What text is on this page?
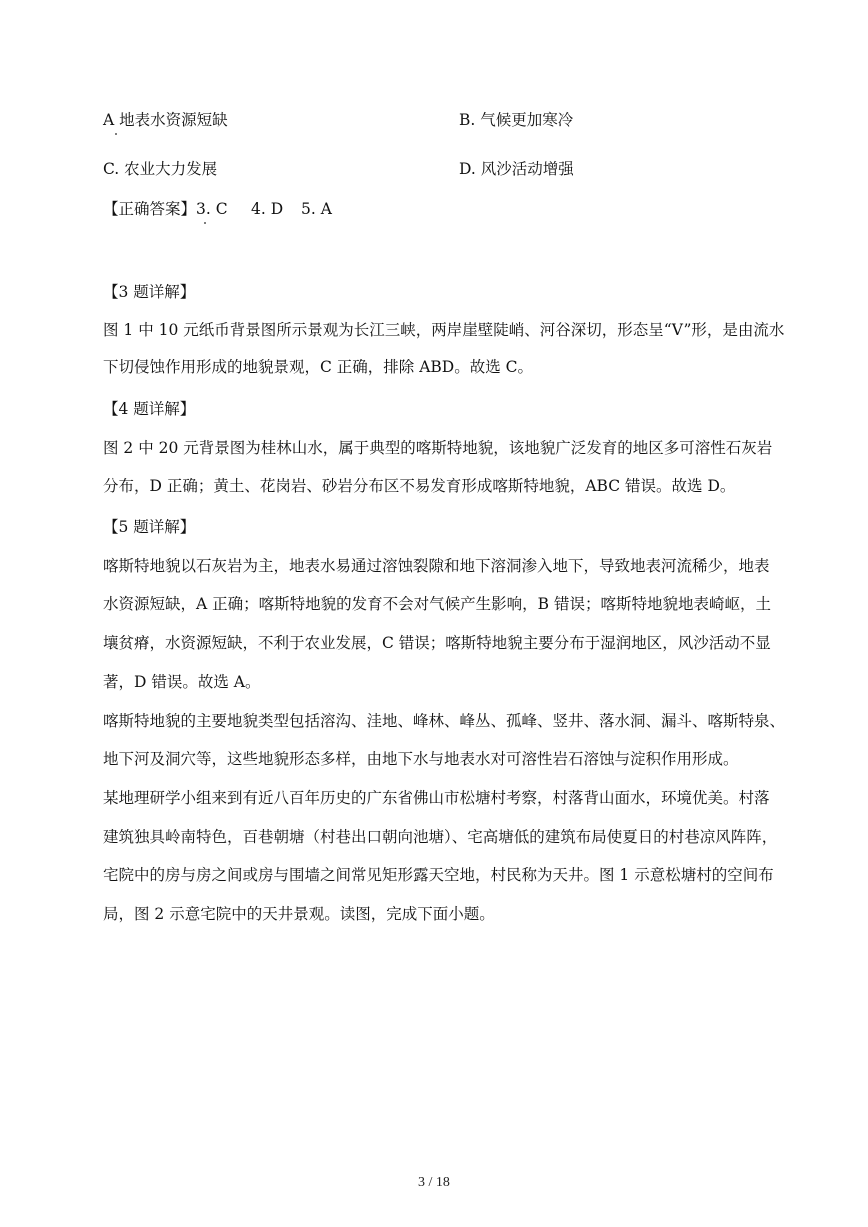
A 地表水资源短缺	B. 气候更加寒冷
C. 农业大力发展	D. 风沙活动增强
【正确答案】3. C 4. D 5. A
【3 题详解】
图 1 中 10 元纸币背景图所示景观为长江三峡，两岸崖壁陡峭、河谷深切，形态呈“V”形，是由流水
下切侵蚀作用形成的地貌景观，C 正确，排除 ABD。故选 C。
【4 题详解】
图 2 中 20 元背景图为桂林山水，属于典型的喀斯特地貌，该地貌广泛发育的地区多可溶性石灰岩
分布，D 正确；黄土、花岗岩、砂岩分布区不易发育形成喀斯特地貌，ABC 错误。故选 D。
【5 题详解】
喀斯特地貌以石灰岩为主，地表水易通过溶蚀裂隙和地下溶洞渗入地下，导致地表河流稀少，地表
水资源短缺，A 正确；喀斯特地貌的发育不会对气候产生影响，B 错误；喀斯特地貌地表崎岖，土
壤贫瘠，水资源短缺，不利于农业发展，C 错误；喀斯特地貌主要分布于湿润地区，风沙活动不显
著，D 错误。故选 A。
喀斯特地貌的主要地貌类型包括溶沟、洼地、峰林、峰丛、孤峰、竖井、落水洞、漏斗、喀斯特泉、
地下河及洞穴等，这些地貌形态多样，由地下水与地表水对可溶性岩石溶蚀与淀积作用形成。
某地理研学小组来到有近八百年历史的广东省佛山市松塘村考察，村落背山面水，环境优美。村落
建筑独具岭南特色，百巷朝塘（村巷出口朝向池塘）、宅高塘低的建筑布局使夏日的村巷凉风阵阵，
宅院中的房与房之间或房与围墙之间常见矩形露天空地，村民称为天井。图 1 示意松塘村的空间布
局，图 2 示意宅院中的天井景观。读图，完成下面小题。
3 / 18
